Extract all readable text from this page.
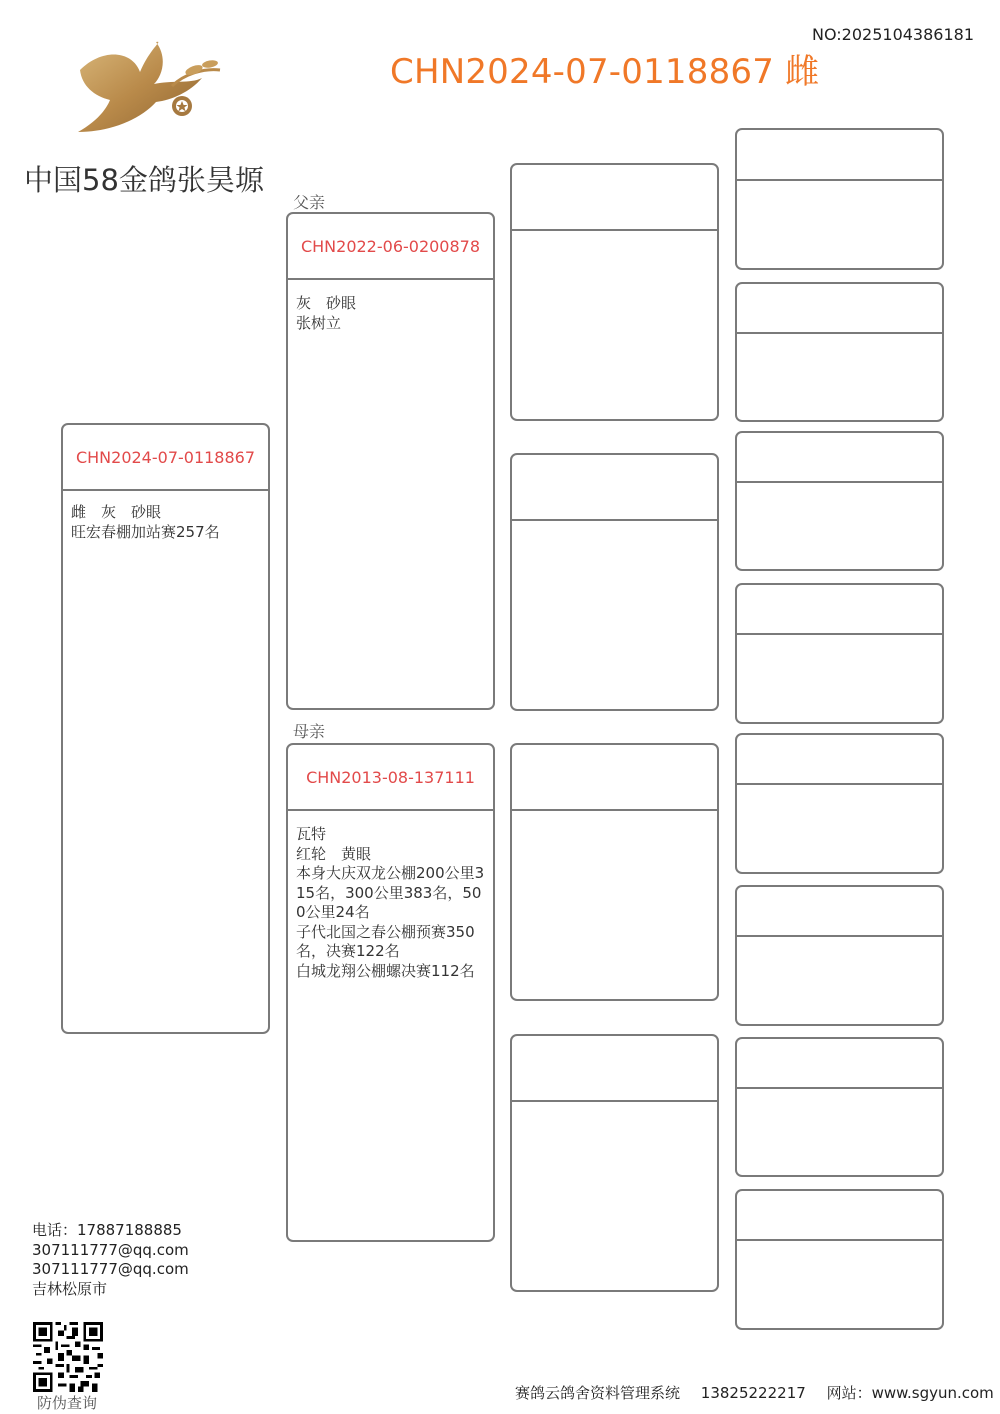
NO:2025104386181
CHN2024-07-0118867 雌
中国58金鸽张昊塬
CHN2024-07-0118867
雌　灰　砂眼
旺宏春棚加站赛257名
父亲
CHN2022-06-0200878
灰　砂眼
张树立
母亲
CHN2013-08-137111
瓦特
红轮　黄眼
本身大庆双龙公棚200公里315名，300公里383名，500公里24名
子代北国之春公棚预赛350名，决赛122名
白城龙翔公棚螺决赛112名
电话：17887188885
307111777@qq.com
307111777@qq.com
吉林松原市
防伪查询
赛鸽云鸽舍资料管理系统 13825222217 网站：www.sgyun.com
